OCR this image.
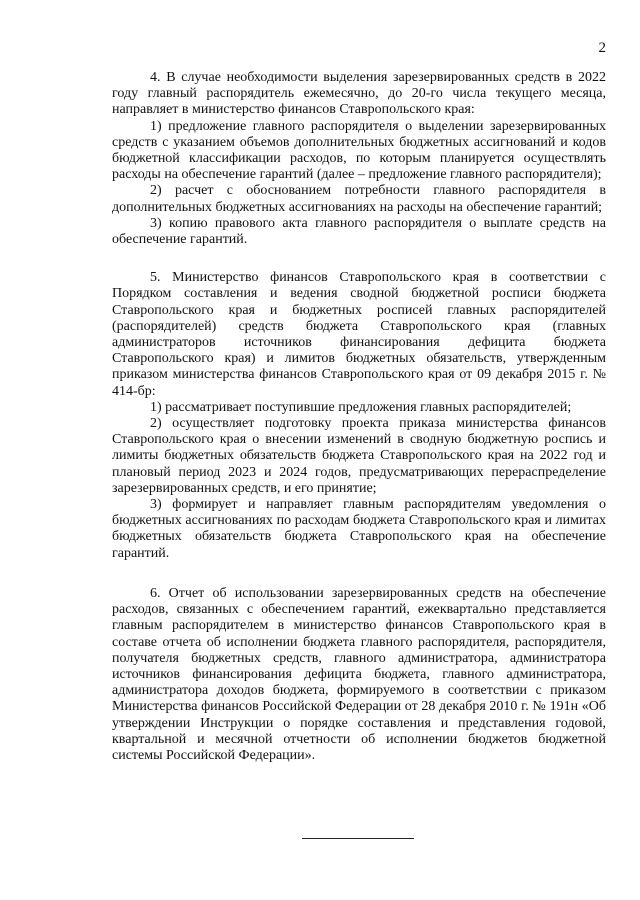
2

4. В случае необходимости выделения зарезервированных средств в 2022 году главный распорядитель ежемесячно, до 20-го числа текущего месяца, направляет в министерство финансов Ставропольского края:

1) предложение главного распорядителя о выделении зарезервированных средств с указанием объемов дополнительных бюджетных ассигнований и кодов бюджетной классификации расходов, по которым планируется осуществлять расходы на обеспечение гарантий (далее – предложение главного распорядителя);

2) расчет с обоснованием потребности главного распорядителя в дополнительных бюджетных ассигнованиях на расходы на обеспечение гарантий;

3) копию правового акта главного распорядителя о выплате средств на обеспечение гарантий.

5. Министерство финансов Ставропольского края в соответствии с Порядком составления и ведения сводной бюджетной росписи бюджета Ставропольского края и бюджетных росписей главных распорядителей (распорядителей) средств бюджета Ставропольского края (главных администраторов источников финансирования дефицита бюджета Ставропольского края) и лимитов бюджетных обязательств, утвержденным приказом министерства финансов Ставропольского края от 09 декабря 2015 г. № 414-бр:

1) рассматривает поступившие предложения главных распорядителей;

2) осуществляет подготовку проекта приказа министерства финансов Ставропольского края о внесении изменений в сводную бюджетную роспись и лимиты бюджетных обязательств бюджета Ставропольского края на 2022 год и плановый период 2023 и 2024 годов, предусматривающих перераспределение зарезервированных средств, и его принятие;

3) формирует и направляет главным распорядителям уведомления о бюджетных ассигнованиях по расходам бюджета Ставропольского края и лимитах бюджетных обязательств бюджета Ставропольского края на обеспечение гарантий.

6. Отчет об использовании зарезервированных средств на обеспечение расходов, связанных с обеспечением гарантий, ежеквартально представляется главным распорядителем в министерство финансов Ставропольского края в составе отчета об исполнении бюджета главного распорядителя, распорядителя, получателя бюджетных средств, главного администратора, администратора источников финансирования дефицита бюджета, главного администратора, администратора доходов бюджета, формируемого в соответствии с приказом Министерства финансов Российской Федерации от 28 декабря 2010 г. № 191н «Об утверждении Инструкции о порядке составления и представления годовой, квартальной и месячной отчетности об исполнении бюджетов бюджетной системы Российской Федерации».
